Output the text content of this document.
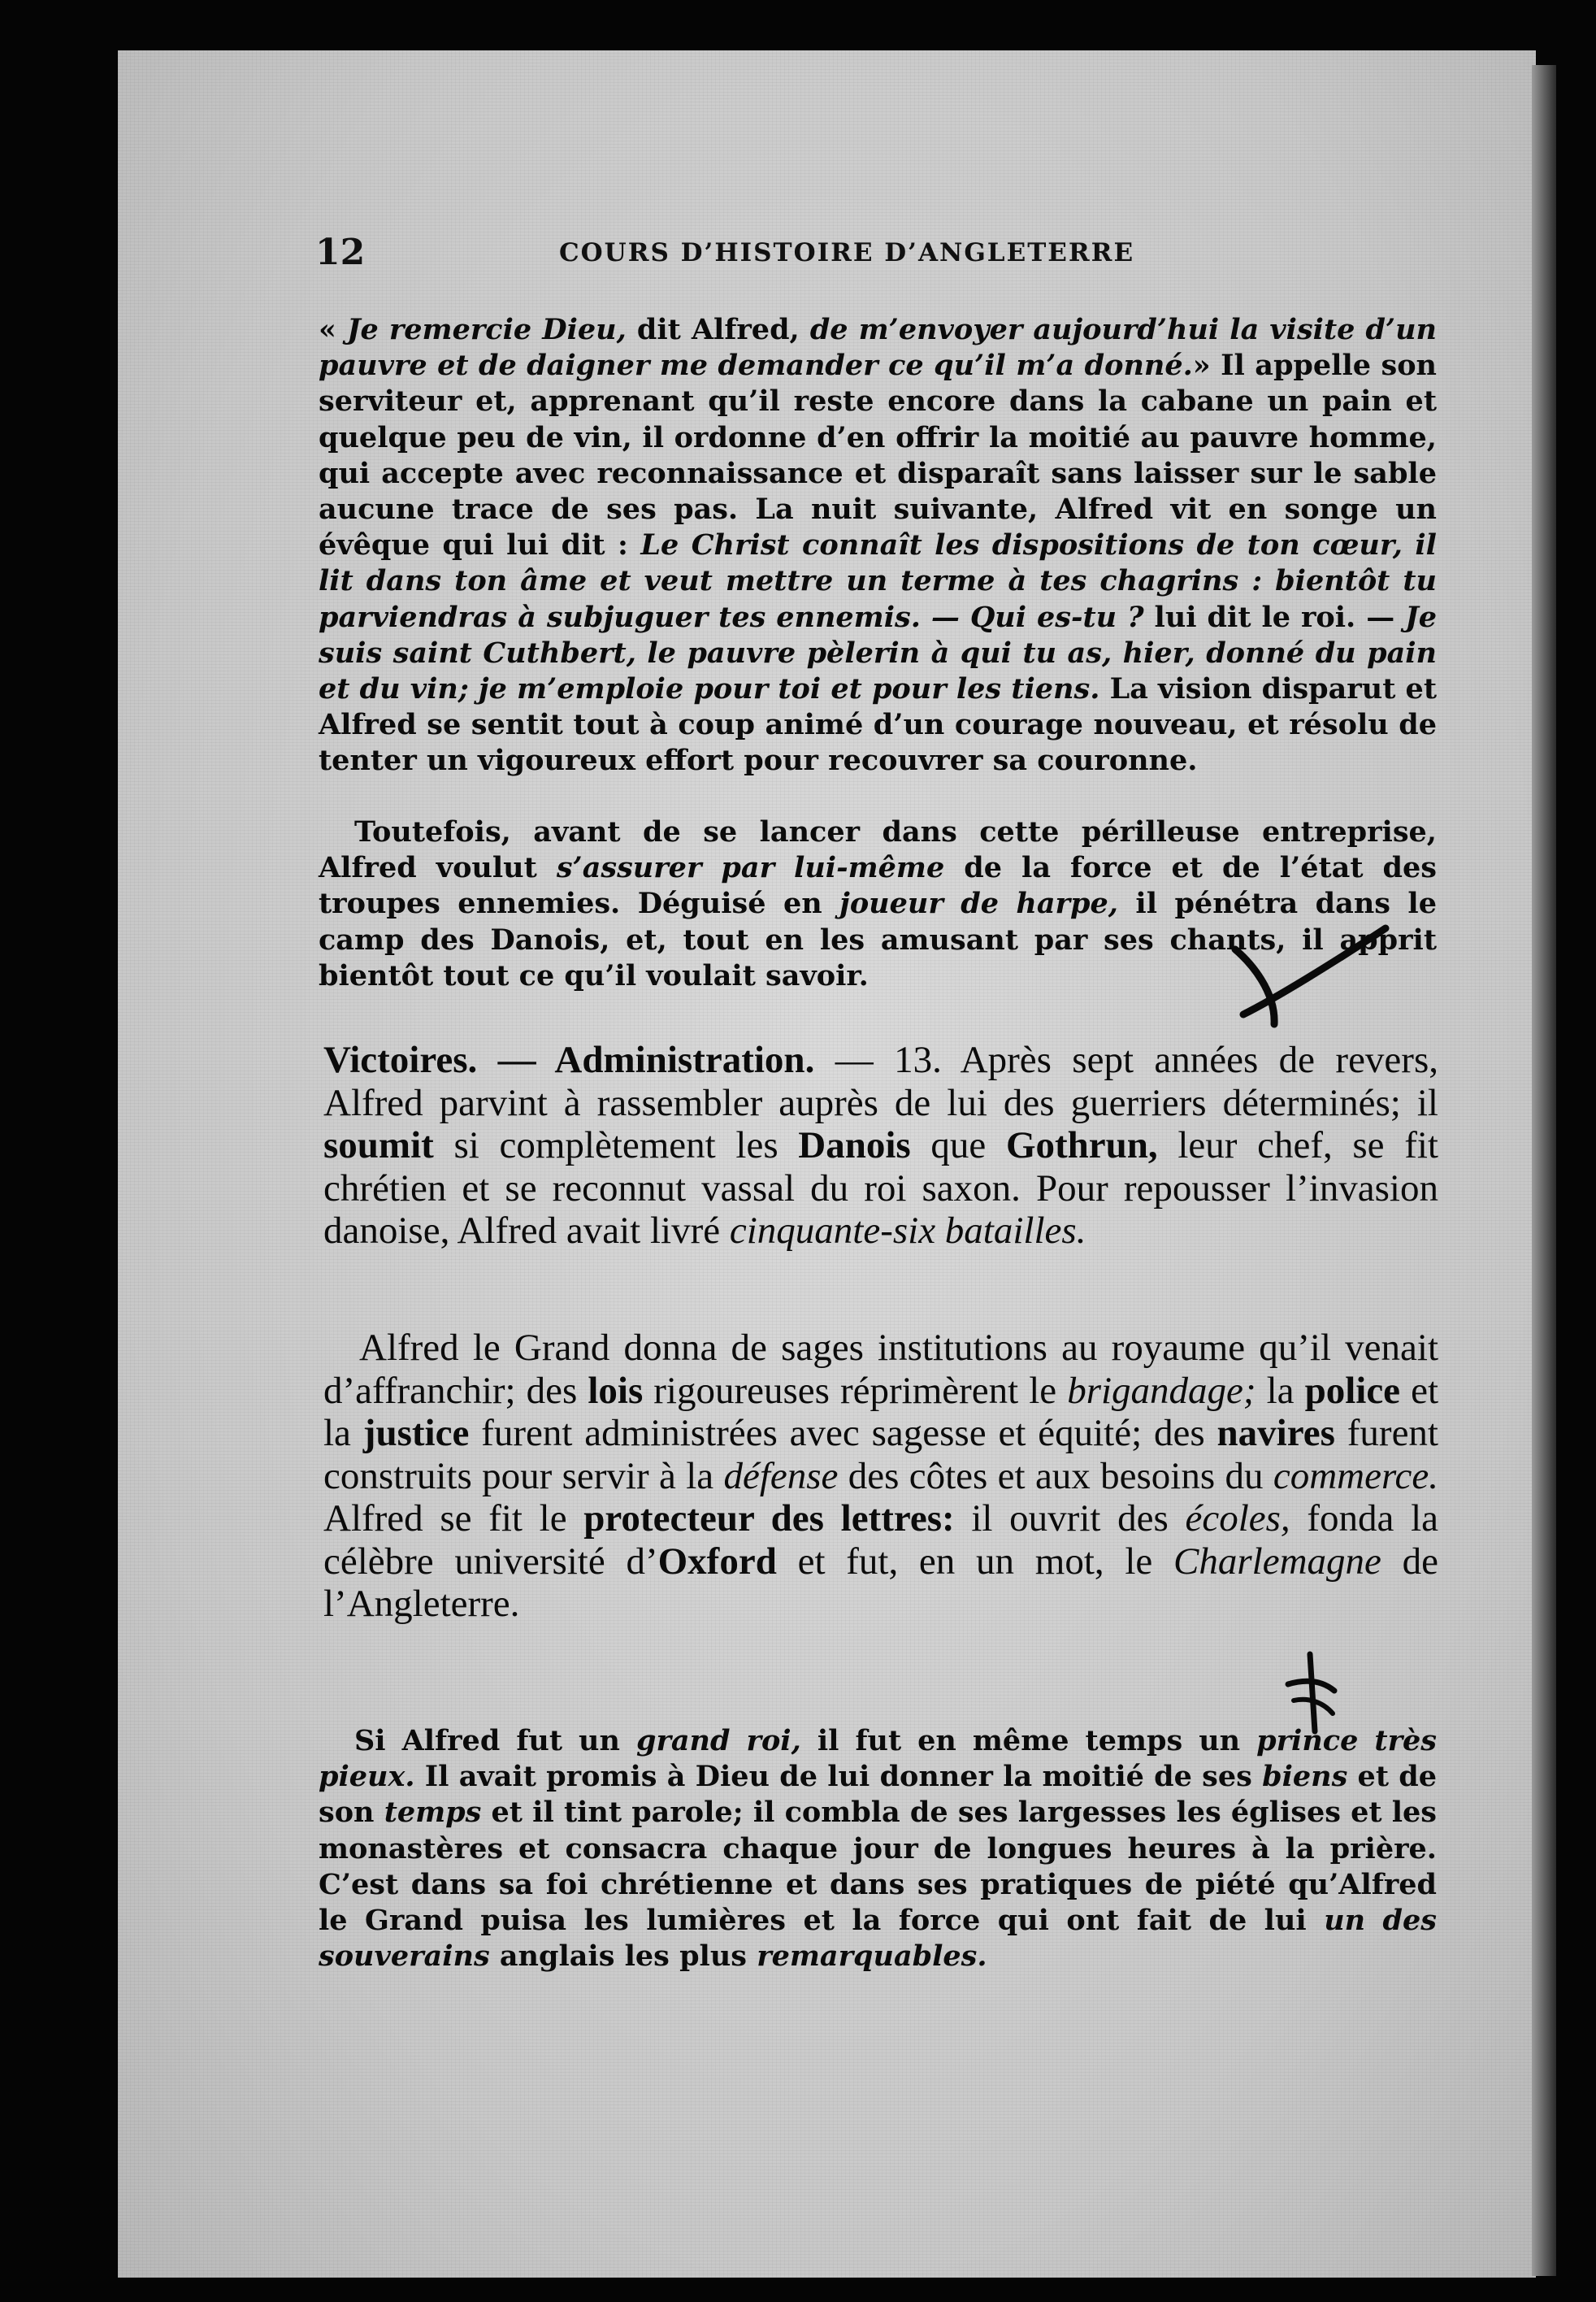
12	COURS D’HISTOIRE D’ANGLETERRE

« Je remercie Dieu, dit Alfred, de m’envoyer aujourd’hui la visite d’un pauvre et de daigner me demander ce qu’il m’a donné.» Il appelle son serviteur et, apprenant qu’il reste encore dans la cabane un pain et quelque peu de vin, il ordonne d’en offrir la moitié au pauvre homme, qui accepte avec reconnaissance et disparaît sans laisser sur le sable aucune trace de ses pas. La nuit suivante, Alfred vit en songe un évêque qui lui dit : Le Christ connaît les dispositions de ton cœur, il lit dans ton âme et veut mettre un terme à tes chagrins : bientôt tu parviendras à subjuguer tes ennemis. — Qui es-tu ? lui dit le roi. — Je suis saint Cuthbert, le pauvre pèlerin à qui tu as, hier, donné du pain et du vin; je m’emploie pour toi et pour les tiens. La vision disparut et Alfred se sentit tout à coup animé d’un courage nouveau, et résolu de tenter un vigoureux effort pour recouvrer sa couronne.

Toutefois, avant de se lancer dans cette périlleuse entreprise, Alfred voulut s’assurer par lui-même de la force et de l’état des troupes ennemies. Déguisé en joueur de harpe, il pénétra dans le camp des Danois, et, tout en les amusant par ses chants, il apprit bientôt tout ce qu’il voulait savoir.

Victoires. — Administration. — 13. Après sept années de revers, Alfred parvint à rassembler auprès de lui des guerriers déterminés; il soumit si complètement les Danois que Gothrun, leur chef, se fit chrétien et se reconnut vassal du roi saxon. Pour repousser l’invasion danoise, Alfred avait livré cinquante-six batailles.

Alfred le Grand donna de sages institutions au royaume qu’il venait d’affranchir; des lois rigoureuses réprimèrent le brigandage; la police et la justice furent administrées avec sagesse et équité; des navires furent construits pour servir à la défense des côtes et aux besoins du commerce. Alfred se fit le protecteur des lettres: il ouvrit des écoles, fonda la célèbre université d’Oxford et fut, en un mot, le Charlemagne de l’Angleterre.

Si Alfred fut un grand roi, il fut en même temps un prince très pieux. Il avait promis à Dieu de lui donner la moitié de ses biens et de son temps et il tint parole; il combla de ses largesses les églises et les monastères et consacra chaque jour de longues heures à la prière. C’est dans sa foi chrétienne et dans ses pratiques de piété qu’Alfred le Grand puisa les lumières et la force qui ont fait de lui un des souverains anglais les plus remarquables.
